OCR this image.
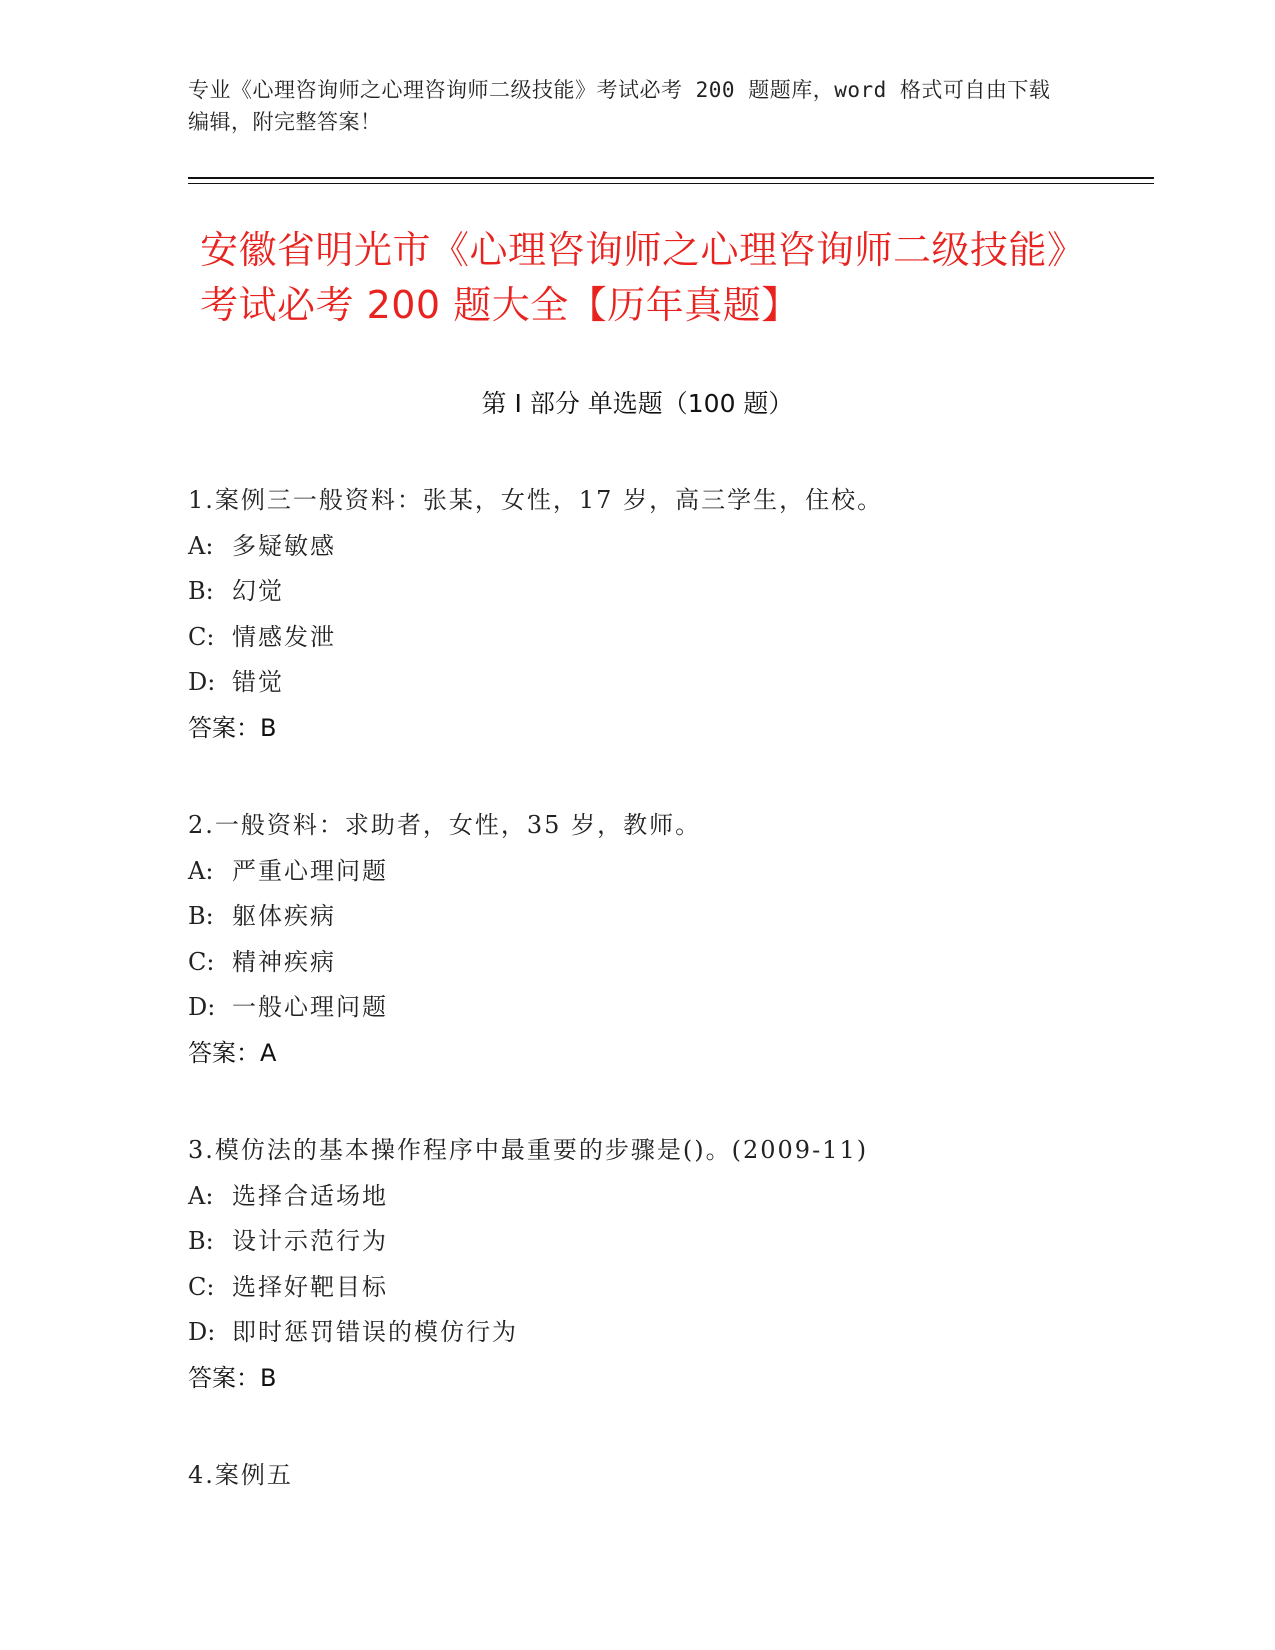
专业《心理咨询师之心理咨询师二级技能》考试必考 200 题题库，word 格式可自由下载编辑，附完整答案！
安徽省明光市《心理咨询师之心理咨询师二级技能》考试必考 200 题大全【历年真题】
第 I 部分 单选题（100 题）
1.案例三一般资料：张某，女性，17 岁，高三学生，住校。
A: 多疑敏感
B: 幻觉
C: 情感发泄
D: 错觉
答案：B
2.一般资料：求助者，女性，35 岁，教师。
A: 严重心理问题
B: 躯体疾病
C: 精神疾病
D: 一般心理问题
答案：A
3.模仿法的基本操作程序中最重要的步骤是()。(2009-11)
A: 选择合适场地
B: 设计示范行为
C: 选择好靶目标
D: 即时惩罚错误的模仿行为
答案：B
4.案例五
